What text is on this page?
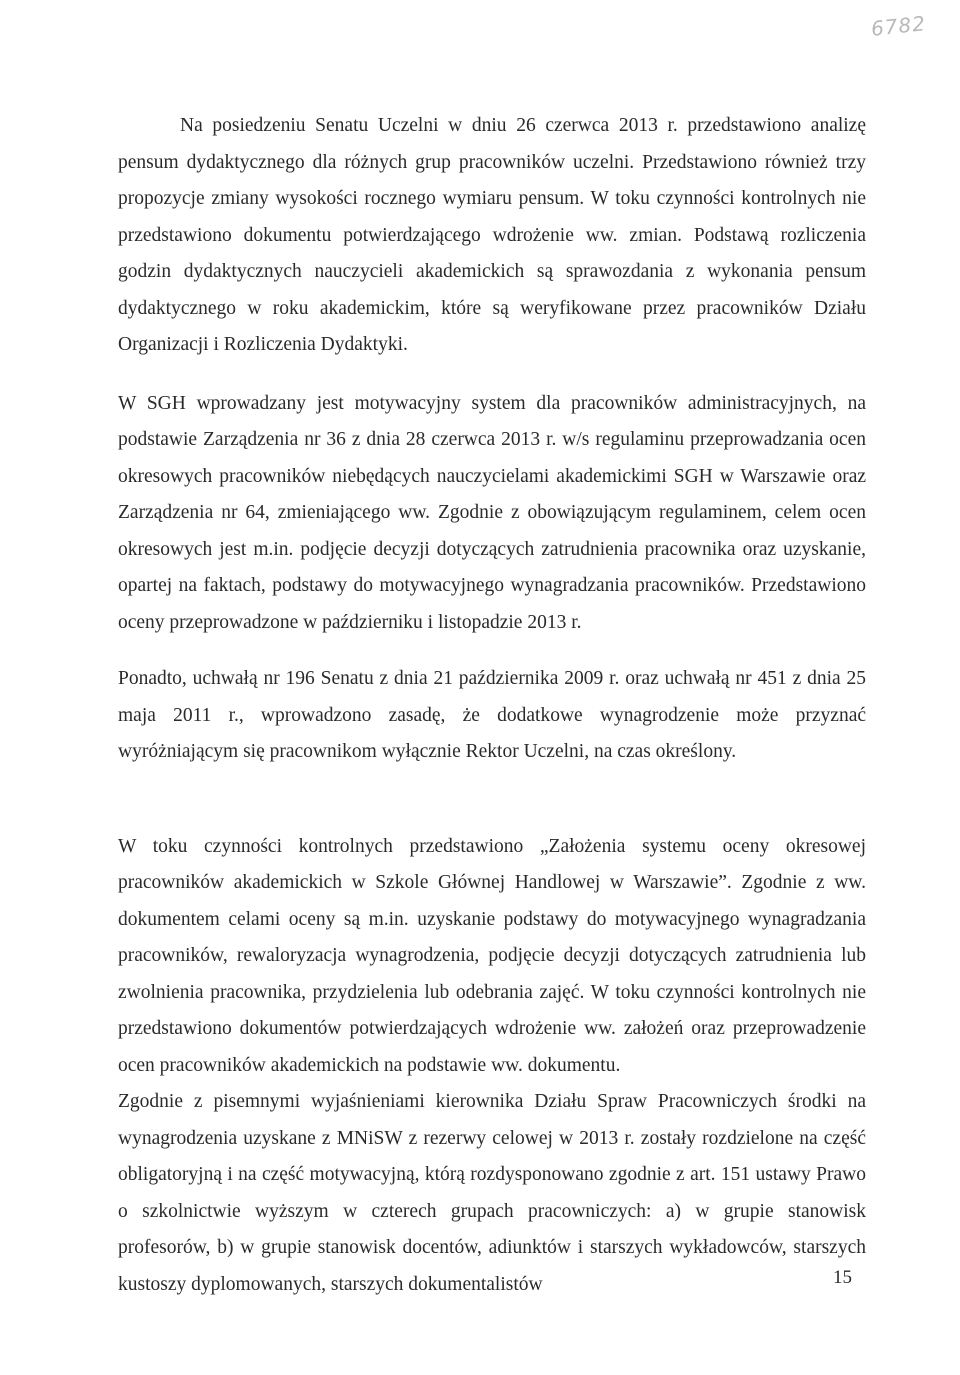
6782

Na posiedzeniu Senatu Uczelni w dniu 26 czerwca 2013 r. przedstawiono analizę pensum dydaktycznego dla różnych grup pracowników uczelni. Przedstawiono również trzy propozycje zmiany wysokości rocznego wymiaru pensum. W toku czynności kontrolnych nie przedstawiono dokumentu potwierdzającego wdrożenie ww. zmian. Podstawą rozliczenia godzin dydaktycznych nauczycieli akademickich są sprawozdania z wykonania pensum dydaktycznego w roku akademickim, które są weryfikowane przez pracowników Działu Organizacji i Rozliczenia Dydaktyki.

W SGH wprowadzany jest motywacyjny system dla pracowników administracyjnych, na podstawie Zarządzenia nr 36 z dnia 28 czerwca 2013 r. w/s regulaminu przeprowadzania ocen okresowych pracowników niebędących nauczycielami akademickimi SGH w Warszawie oraz Zarządzenia nr 64, zmieniającego ww. Zgodnie z obowiązującym regulaminem, celem ocen okresowych jest m.in. podjęcie decyzji dotyczących zatrudnienia pracownika oraz uzyskanie, opartej na faktach, podstawy do motywacyjnego wynagradzania pracowników. Przedstawiono oceny przeprowadzone w październiku i listopadzie 2013 r.

Ponadto, uchwałą nr 196 Senatu z dnia 21 października 2009 r. oraz uchwałą nr 451 z dnia 25 maja 2011 r., wprowadzono zasadę, że dodatkowe wynagrodzenie może przyznać wyróżniającym się pracownikom wyłącznie Rektor Uczelni, na czas określony.

W toku czynności kontrolnych przedstawiono „Założenia systemu oceny okresowej pracowników akademickich w Szkole Głównej Handlowej w Warszawie”. Zgodnie z ww. dokumentem celami oceny są m.in. uzyskanie podstawy do motywacyjnego wynagradzania pracowników, rewaloryzacja wynagrodzenia, podjęcie decyzji dotyczących zatrudnienia lub zwolnienia pracownika, przydzielenia lub odebrania zajęć. W toku czynności kontrolnych nie przedstawiono dokumentów potwierdzających wdrożenie ww. założeń oraz przeprowadzenie ocen pracowników akademickich na podstawie ww. dokumentu.

Zgodnie z pisemnymi wyjaśnieniami kierownika Działu Spraw Pracowniczych środki na wynagrodzenia uzyskane z MNiSW z rezerwy celowej w 2013 r. zostały rozdzielone na część obligatoryjną i na część motywacyjną, którą rozdysponowano zgodnie z art. 151 ustawy Prawo o szkolnictwie wyższym w czterech grupach pracowniczych: a) w grupie stanowisk profesorów, b) w grupie stanowisk docentów, adiunktów i starszych wykładowców, starszych kustoszy dyplomowanych, starszych dokumentalistów	15
